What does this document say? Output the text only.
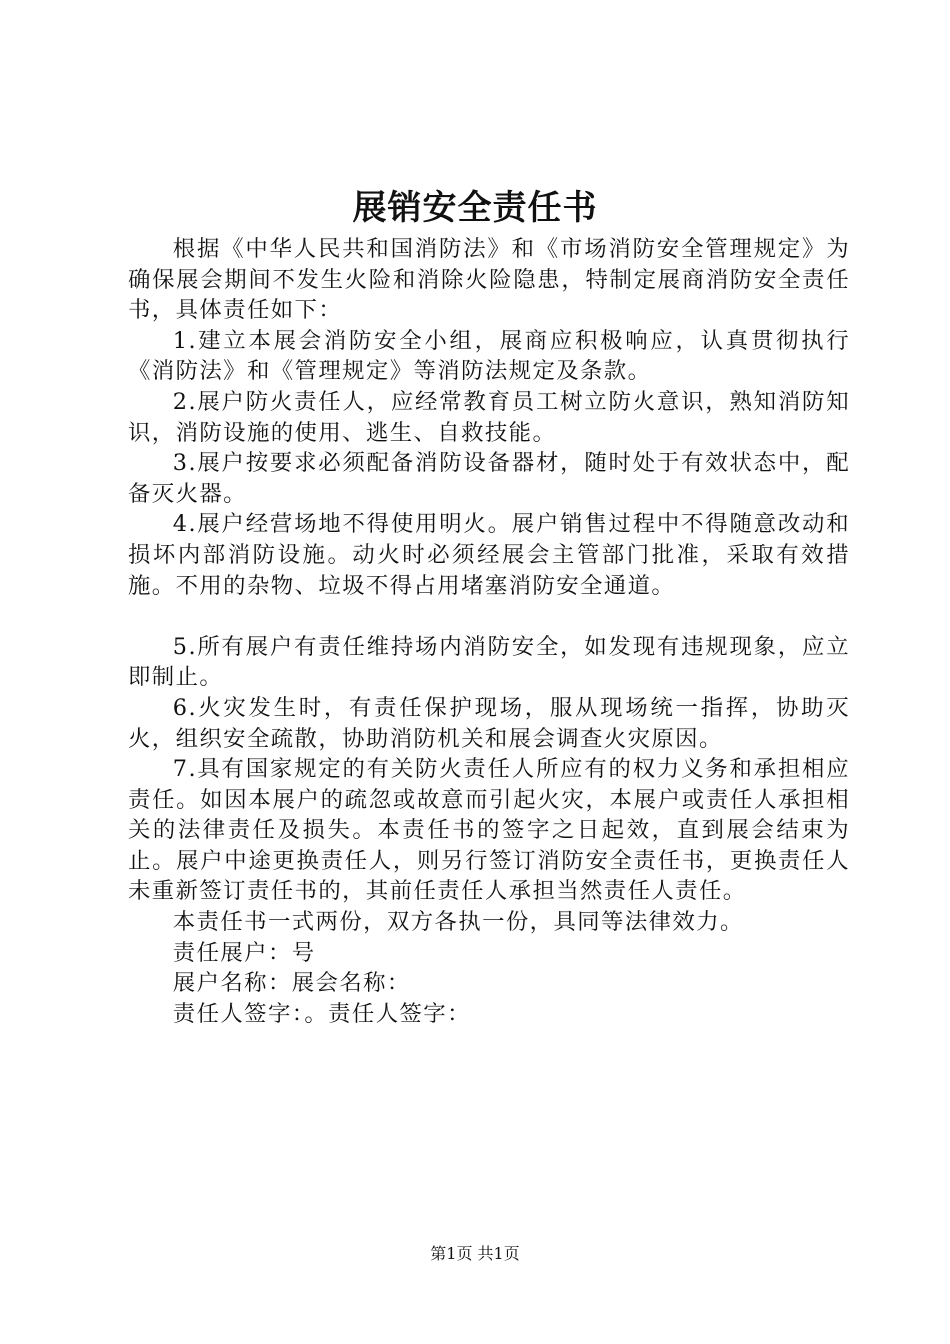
展销安全责任书

根据《中华人民共和国消防法》和《市场消防安全管理规定》为确保展会期间不发生火险和消除火险隐患，特制定展商消防安全责任书，具体责任如下：

1.建立本展会消防安全小组，展商应积极响应，认真贯彻执行《消防法》和《管理规定》等消防法规定及条款。

2.展户防火责任人，应经常教育员工树立防火意识，熟知消防知识，消防设施的使用、逃生、自救技能。

3.展户按要求必须配备消防设备器材，随时处于有效状态中，配备灭火器。

4.展户经营场地不得使用明火。展户销售过程中不得随意改动和损坏内部消防设施。动火时必须经展会主管部门批准，采取有效措施。不用的杂物、垃圾不得占用堵塞消防安全通道。

5.所有展户有责任维持场内消防安全，如发现有违规现象，应立即制止。

6.火灾发生时，有责任保护现场，服从现场统一指挥，协助灭火，组织安全疏散，协助消防机关和展会调查火灾原因。

7.具有国家规定的有关防火责任人所应有的权力义务和承担相应责任。如因本展户的疏忽或故意而引起火灾，本展户或责任人承担相关的法律责任及损失。本责任书的签字之日起效，直到展会结束为止。展户中途更换责任人，则另行签订消防安全责任书，更换责任人未重新签订责任书的，其前任责任人承担当然责任人责任。

本责任书一式两份，双方各执一份，具同等法律效力。

责任展户：号

展户名称：展会名称：

责任人签字：。责任人签字：

第1页 共1页
